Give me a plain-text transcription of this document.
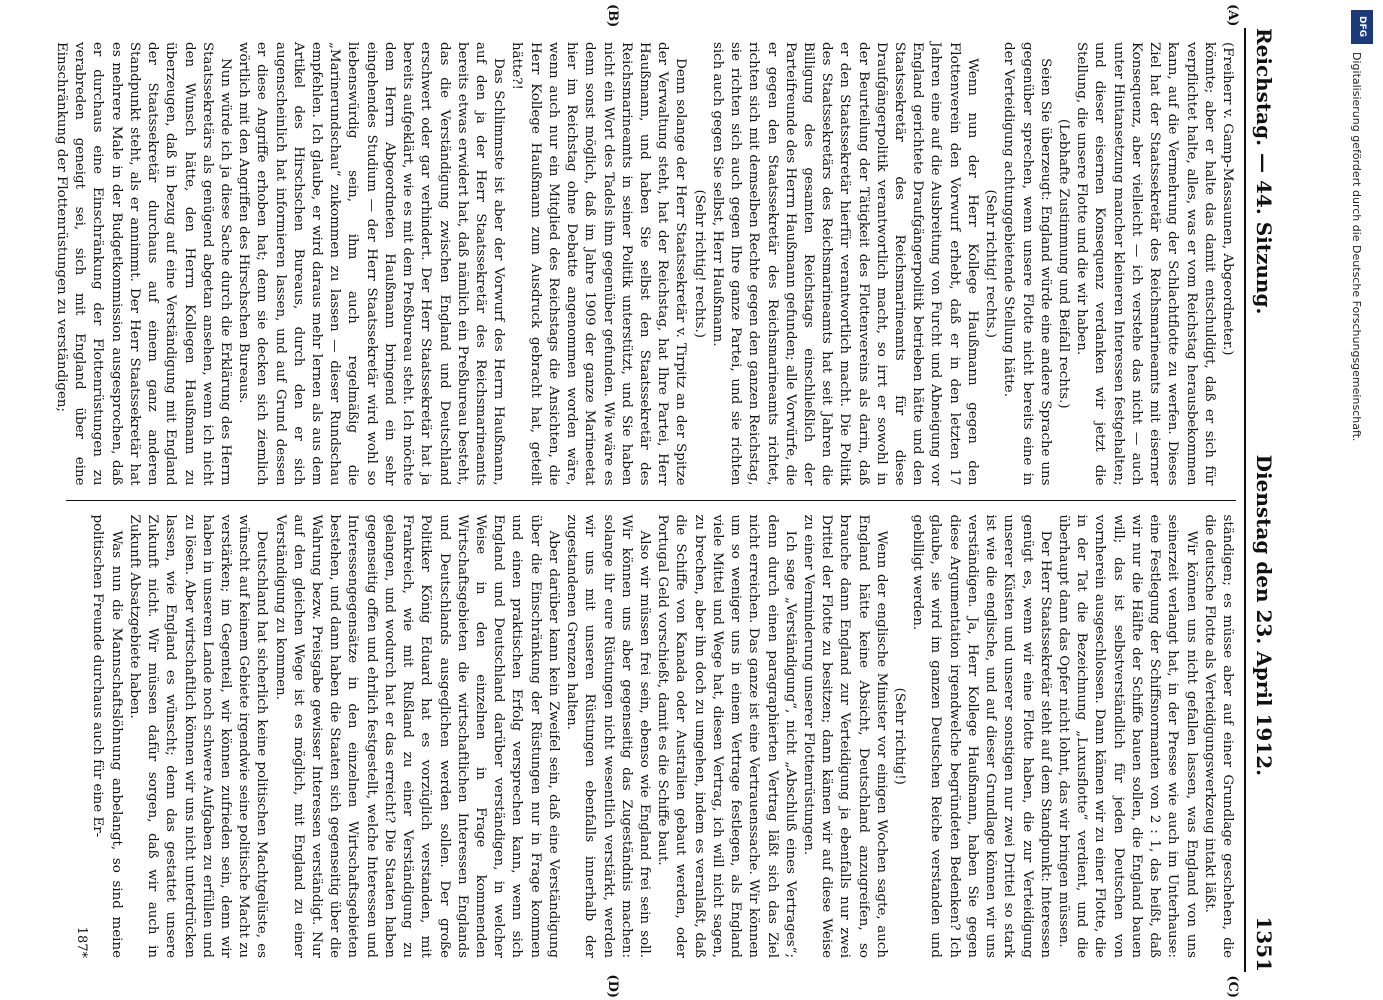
Reichstag. — 44. Sitzung.
Dienstag den 23. April 1912.
1351

(Freiherr v. Gamp-Massaunen, Abgeordneter.)

könnte; aber er halte das damit entschuldigt, daß er sich für verpflichtet halte, alles, was er vom Reichstag herausbekommen kann, auf die Vermehrung der Schlachtflotte zu werfen. Dieses Ziel hat der Staatssekretär des Reichsmarineamts mit eiserner Konsequenz, aber vielleicht — ich verstehe das nicht — auch unter Hintansetzung mancher kleineren Interessen festgehalten; und dieser eisernen Konsequenz verdanken wir jetzt die Stellung, die unsere Flotte und die wir haben.

(Lebhafte Zustimmung und Beifall rechts.)

Seien Sie überzeugt: England würde eine andere Sprache uns gegenüber sprechen, wenn unsere Flotte nicht bereits eine in der Verteidigung achtunggebietende Stellung hätte.

(Sehr richtig! rechts.)

Wenn nun der Herr Kollege Haußmann gegen den Flottenverein den Vorwurf erhebt, daß er in den letzten 17 Jahren eine auf die Ausbreitung von Furcht und Abneigung vor England gerichtete Draufgängerpolitik betrieben hätte und den Staatssekretär des Reichsmarineamts für diese Draufgängerpolitik verantwortlich macht, so irrt er sowohl in der Beurteilung der Tätigkeit des Flottenvereins als darin, daß er den Staatssekretär hierfür verantwortlich macht. Die Politik des Staatssekretärs des Reichsmarineamts hat seit Jahren die Billigung des gesamten Reichstags einschließlich der Parteifreunde des Herrn Haußmann gefunden; alle Vorwürfe, die er gegen den Staatssekretär des Reichsmarineamts richtet, richten sich mit demselben Rechte gegen den ganzen Reichstag, sie richten sich auch gegen Ihre ganze Partei, und sie richten sich auch gegen Sie selbst, Herr Haußmann.

(Sehr richtig! rechts.)

Denn solange der Herr Staatssekretär v. Tirpitz an der Spitze der Verwaltung steht, hat der Reichstag, hat Ihre Partei, Herr Haußmann, und haben Sie selbst den Staatssekretär des Reichsmarineamts in seiner Politik unterstützt, und Sie haben nicht ein Wort des Tadels ihm gegenüber gefunden. Wie wäre es denn sonst möglich, daß im Jahre 1909 der ganze Marineetat hier im Reichstag ohne Debatte angenommen worden wäre, wenn auch nur ein Mitglied des Reichstags die Ansichten, die Herr Kollege Haußmann zum Ausdruck gebracht hat, geteilt hätte?!

Das Schlimmste ist aber der Vorwurf des Herrn Haußmann, auf den ja der Herr Staatssekretär des Reichsmarineamts bereits etwas erwidert hat, daß nämlich ein Preßbureau besteht, das die Verständigung zwischen England und Deutschland erschwert oder gar verhindert. Der Herr Staatssekretär hat ja bereits aufgeklärt, wie es mit dem Preßbureau steht. Ich möchte dem Herrn Abgeordneten Haußmann bringend ein sehr eingehendes Studium — der Herr Staatssekretär wird wohl so liebenswürdig sein, ihm auch regelmäßig die „Marinerundschau“ zukommen zu lassen — dieser Rundschau empfehlen. Ich glaube, er wird daraus mehr lernen als aus dem Artikel des Hirschschen Bureaus, durch den er sich augenscheinlich hat informieren lassen, und auf Grund dessen er diese Angriffe erhoben hat; denn sie decken sich ziemlich wörtlich mit den Angriffen des Hirschschen Bureaus.

Nun würde ich ja diese Sache durch die Erklärung des Herrn Staatssekretärs als genügend abgetan ansehen, wenn ich nicht den Wunsch hätte, den Herrn Kollegen Haußmann zu überzeugen, daß in bezug auf eine Verständigung mit England der Staatssekretär durchaus auf einem ganz anderen Standpunkt steht, als er annimmt. Der Herr Staatssekretär hat es mehrere Male in der Budgetkommission ausgesprochen, daß er durchaus eine Einschränkung der Flottenrüstungen zu verabreden geneigt sei, sich mit England über eine Einschränkung der Flottenrüstungen zu verständigen;

ständigen; es müsse aber auf einer Grundlage geschehen, die die deutsche Flotte als Verteidigungswerkzeug intakt läßt.

Wir können uns nicht gefallen lassen, was England von uns seinerzeit verlangt hat, in der Presse wie auch im Unterhause: eine Festlegung der Schiffsnormanten von 2 : 1, das heißt, daß wir nur die Hälfte der Schiffe bauen sollen, die England bauen will; das ist selbstverständlich für jeden Deutschen von vornherein ausgeschlossen. Dann kämen wir zu einer Flotte, die in der Tat die Bezeichnung „Luxusflotte“ verdient, und die überhaupt dann das Opfer nicht lohnt, das wir bringen müssen.

Der Herr Staatssekretär steht auf dem Standpunkt: Interessen genügt es, wenn wir eine Flotte haben, die zur Verteidigung unserer Küsten und unserer sonstigen nur zwei Drittel so stark ist wie die englische, und auf dieser Grundlage können wir uns verständigen. Ja, Herr Kollege Haußmann, haben Sie gegen diese Argumentation irgendwelche begründeten Bedenken? Ich glaube, sie wird im ganzen Deutschen Reiche verstanden und gebilligt werden.

(Sehr richtig!)

Wenn der englische Minister vor einigen Wochen sagte, auch England hätte keine Absicht, Deutschland anzugreifen, so brauche dann England zur Verteidigung ja ebenfalls nur zwei Drittel der Flotte zu besitzen; dann kämen wir auf diese Weise zu einer Verminderung unserer Flottenrüstungen.

Ich sage „Verständigung“, nicht „Abschluß eines Vertrages“; denn durch einen paragraphierten Vertrag läßt sich das Ziel nicht erreichen. Das ganze ist eine Vertrauenssache. Wir können um so weniger uns in einem Vertrage festlegen, als England viele Mittel und Wege hat, diesen Vertrag, ich will nicht sagen, zu brechen, aber ihn doch zu umgehen, indem es veranlaßt, daß die Schiffe von Kanada oder Australien gebaut werden, oder Portugal Geld vorschießt, damit es die Schiffe baut.

Also wir müssen frei sein, ebenso wie England frei sein soll. Wir können uns aber gegenseitig das Zugeständnis machen: solange ihr eure Rüstungen nicht wesentlich verstärkt, werden wir uns mit unseren Rüstungen ebenfalls innerhalb der zugestandenen Grenzen halten.

Aber darüber kann kein Zweifel sein, daß eine Verständigung über die Einschränkung der Rüstungen nur in Frage kommen und einen praktischen Erfolg versprechen kann, wenn sich England und Deutschland darüber verständigen, in welcher Weise in den einzelnen in Frage kommenden Wirtschaftsgebieten die wirtschaftlichen Interessen Englands und Deutschlands ausgeglichen werden sollen. Der große Politiker König Eduard hat es vorzüglich verstanden, mit Frankreich, wie mit Rußland zu einer Verständigung zu gelangen, und wodurch hat er das erreicht? Die Staaten haben gegenseitig offen und ehrlich festgestellt, welche Interessen und Interessengegensätze in den einzelnen Wirtschaftsgebieten bestehen, und dann haben die Staaten sich gegenseitig über die Wahrung bezw. Preisgabe gewisser Interessen verständigt. Nur auf den gleichen Wege ist es möglich, mit England zu einer Verständigung zu kommen.

Deutschland hat sicherlich keine politischen Machtgelüste, es wünscht auf keinem Gebiete irgendwie seine politische Macht zu verstärken; im Gegenteil, wir können zufrieden sein, denn wir haben in unserem Lande noch schwere Aufgaben zu erfüllen und zu lösen. Aber wirtschaftlich können wir uns nicht unterdrücken lassen, wie England es wünscht; denn das gestattet unsere Zukunft nicht. Wir müssen dafür sorgen, daß wir auch in Zukunft Absatzgebiete haben.

Was nun die Mannschaftslöhnung anbelangt, so sind meine politischen Freunde durchaus auch für eine Er-

187*
(A)
(B)
(C)
(D)
DFG
Digitalisierung gefördert durch die Deutsche Forschungsgemeinschaft.
